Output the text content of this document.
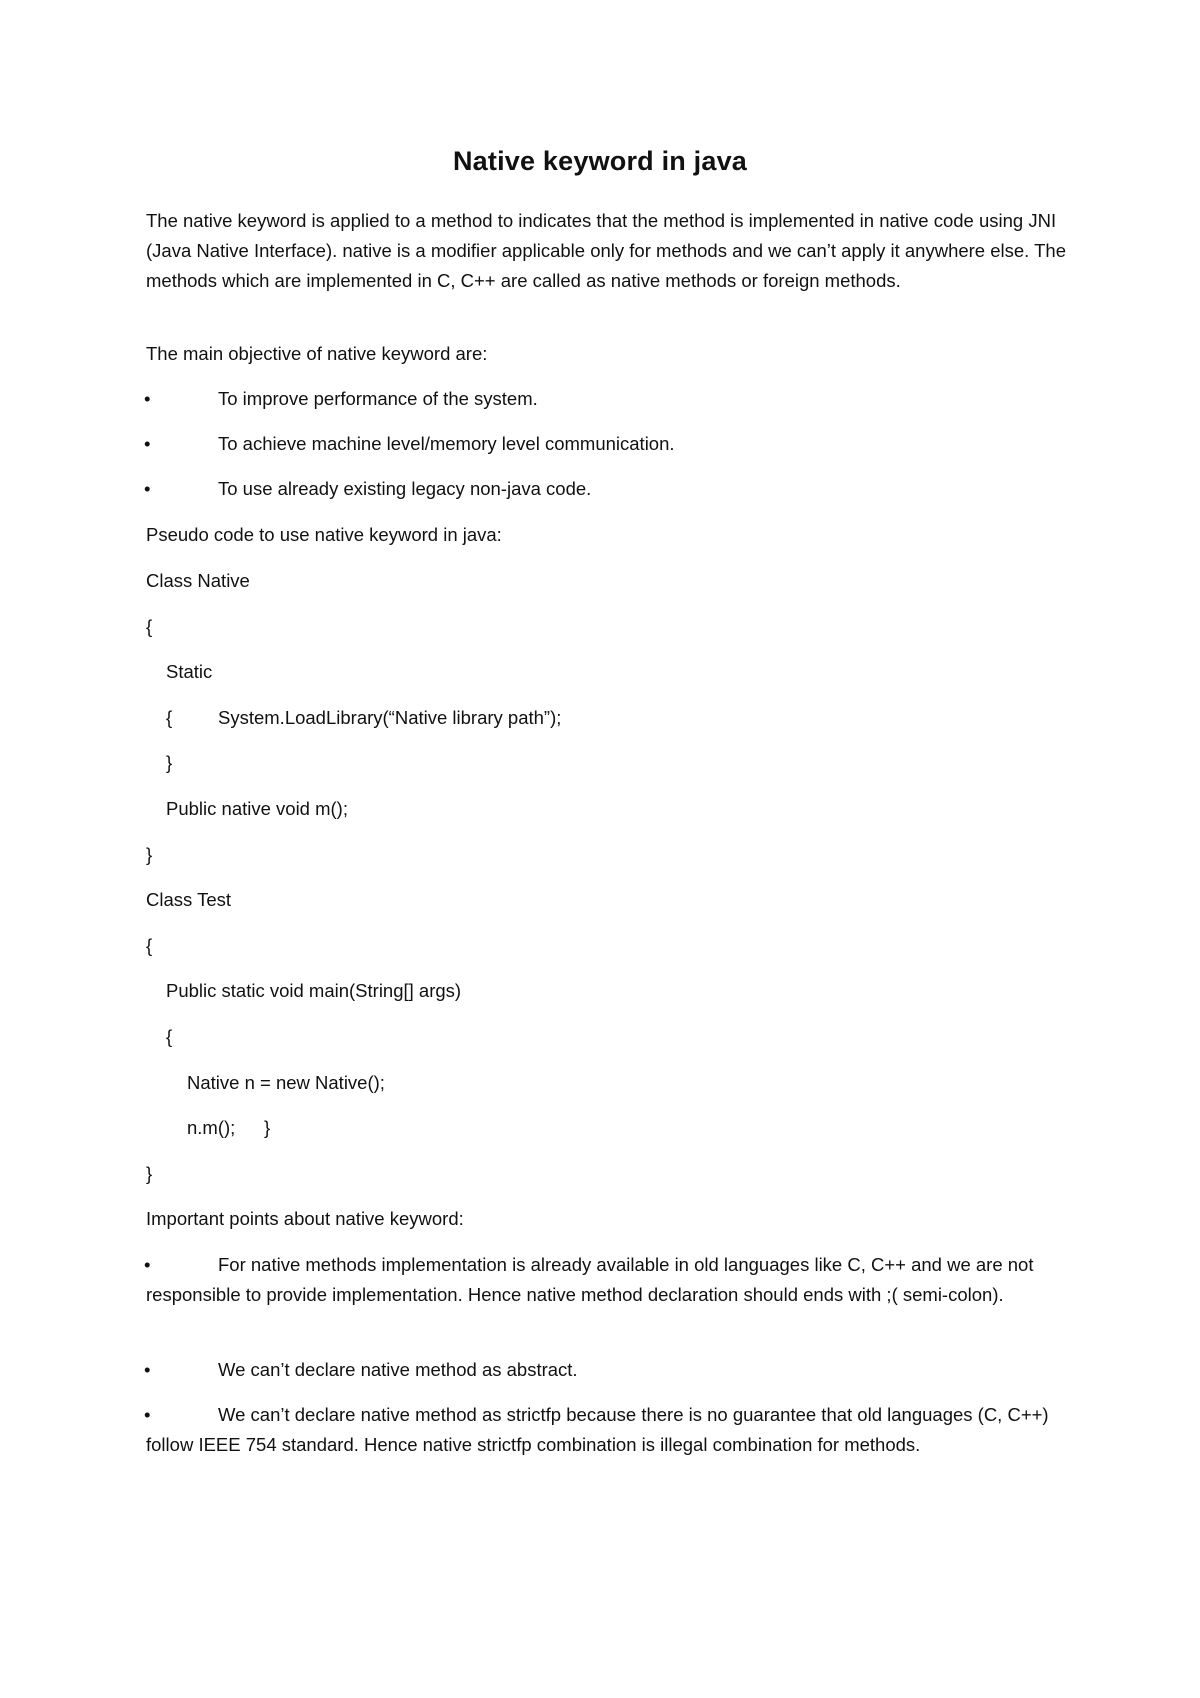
Native keyword in java
The native keyword is applied to a method to indicates that the method is implemented in native code using JNI (Java Native Interface). native is a modifier applicable only for methods and we can’t apply it anywhere else. The methods which are implemented in C, C++ are called as native methods or foreign methods.
The main objective of native keyword are:
•	To improve performance of the system.
•	To achieve machine level/memory level communication.
•	To use already existing legacy non-java code.
Pseudo code to use native keyword in java:
Class Native
{
Static
{ System.LoadLibrary(“Native library path”);
}
Public native void m();
}
Class Test
{
Public static void main(String[] args)
{
Native n = new Native();
n.m(); }
}
Important points about native keyword:
•	For native methods implementation is already available in old languages like C, C++ and we are not responsible to provide implementation. Hence native method declaration should ends with ;( semi-colon).
•	We can’t declare native method as abstract.
•	We can’t declare native method as strictfp because there is no guarantee that old languages (C, C++) follow IEEE 754 standard. Hence native strictfp combination is illegal combination for methods.
